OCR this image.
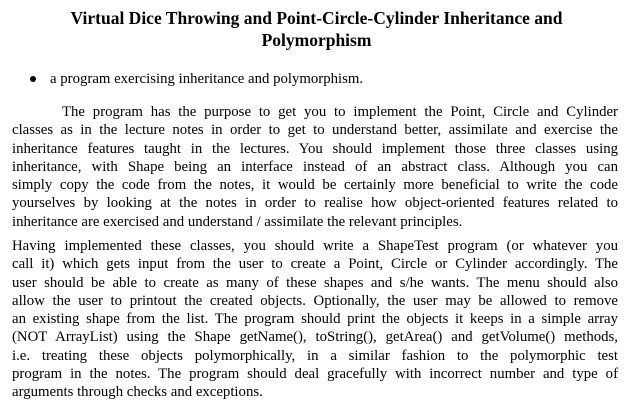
Virtual Dice Throwing and Point-Circle-Cylinder Inheritance and
Polymorphism
a program exercising inheritance and polymorphism.
The program has the purpose to get you to implement the Point, Circle and Cylinder
classes as in the lecture notes in order to get to understand better, assimilate and exercise the
inheritance features taught in the lectures. You should implement those three classes using
inheritance, with Shape being an interface instead of an abstract class. Although you can
simply copy the code from the notes, it would be certainly more beneficial to write the code
yourselves by looking at the notes in order to realise how object-oriented features related to
inheritance are exercised and understand / assimilate the relevant principles.
Having implemented these classes, you should write a ShapeTest program (or whatever you
call it) which gets input from the user to create a Point, Circle or Cylinder accordingly. The
user should be able to create as many of these shapes and s/he wants. The menu should also
allow the user to printout the created objects. Optionally, the user may be allowed to remove
an existing shape from the list. The program should print the objects it keeps in a simple array
(NOT ArrayList) using the Shape getName(), toString(), getArea() and getVolume() methods,
i.e. treating these objects polymorphically, in a similar fashion to the polymorphic test
program in the notes. The program should deal gracefully with incorrect number and type of
arguments through checks and exceptions.
